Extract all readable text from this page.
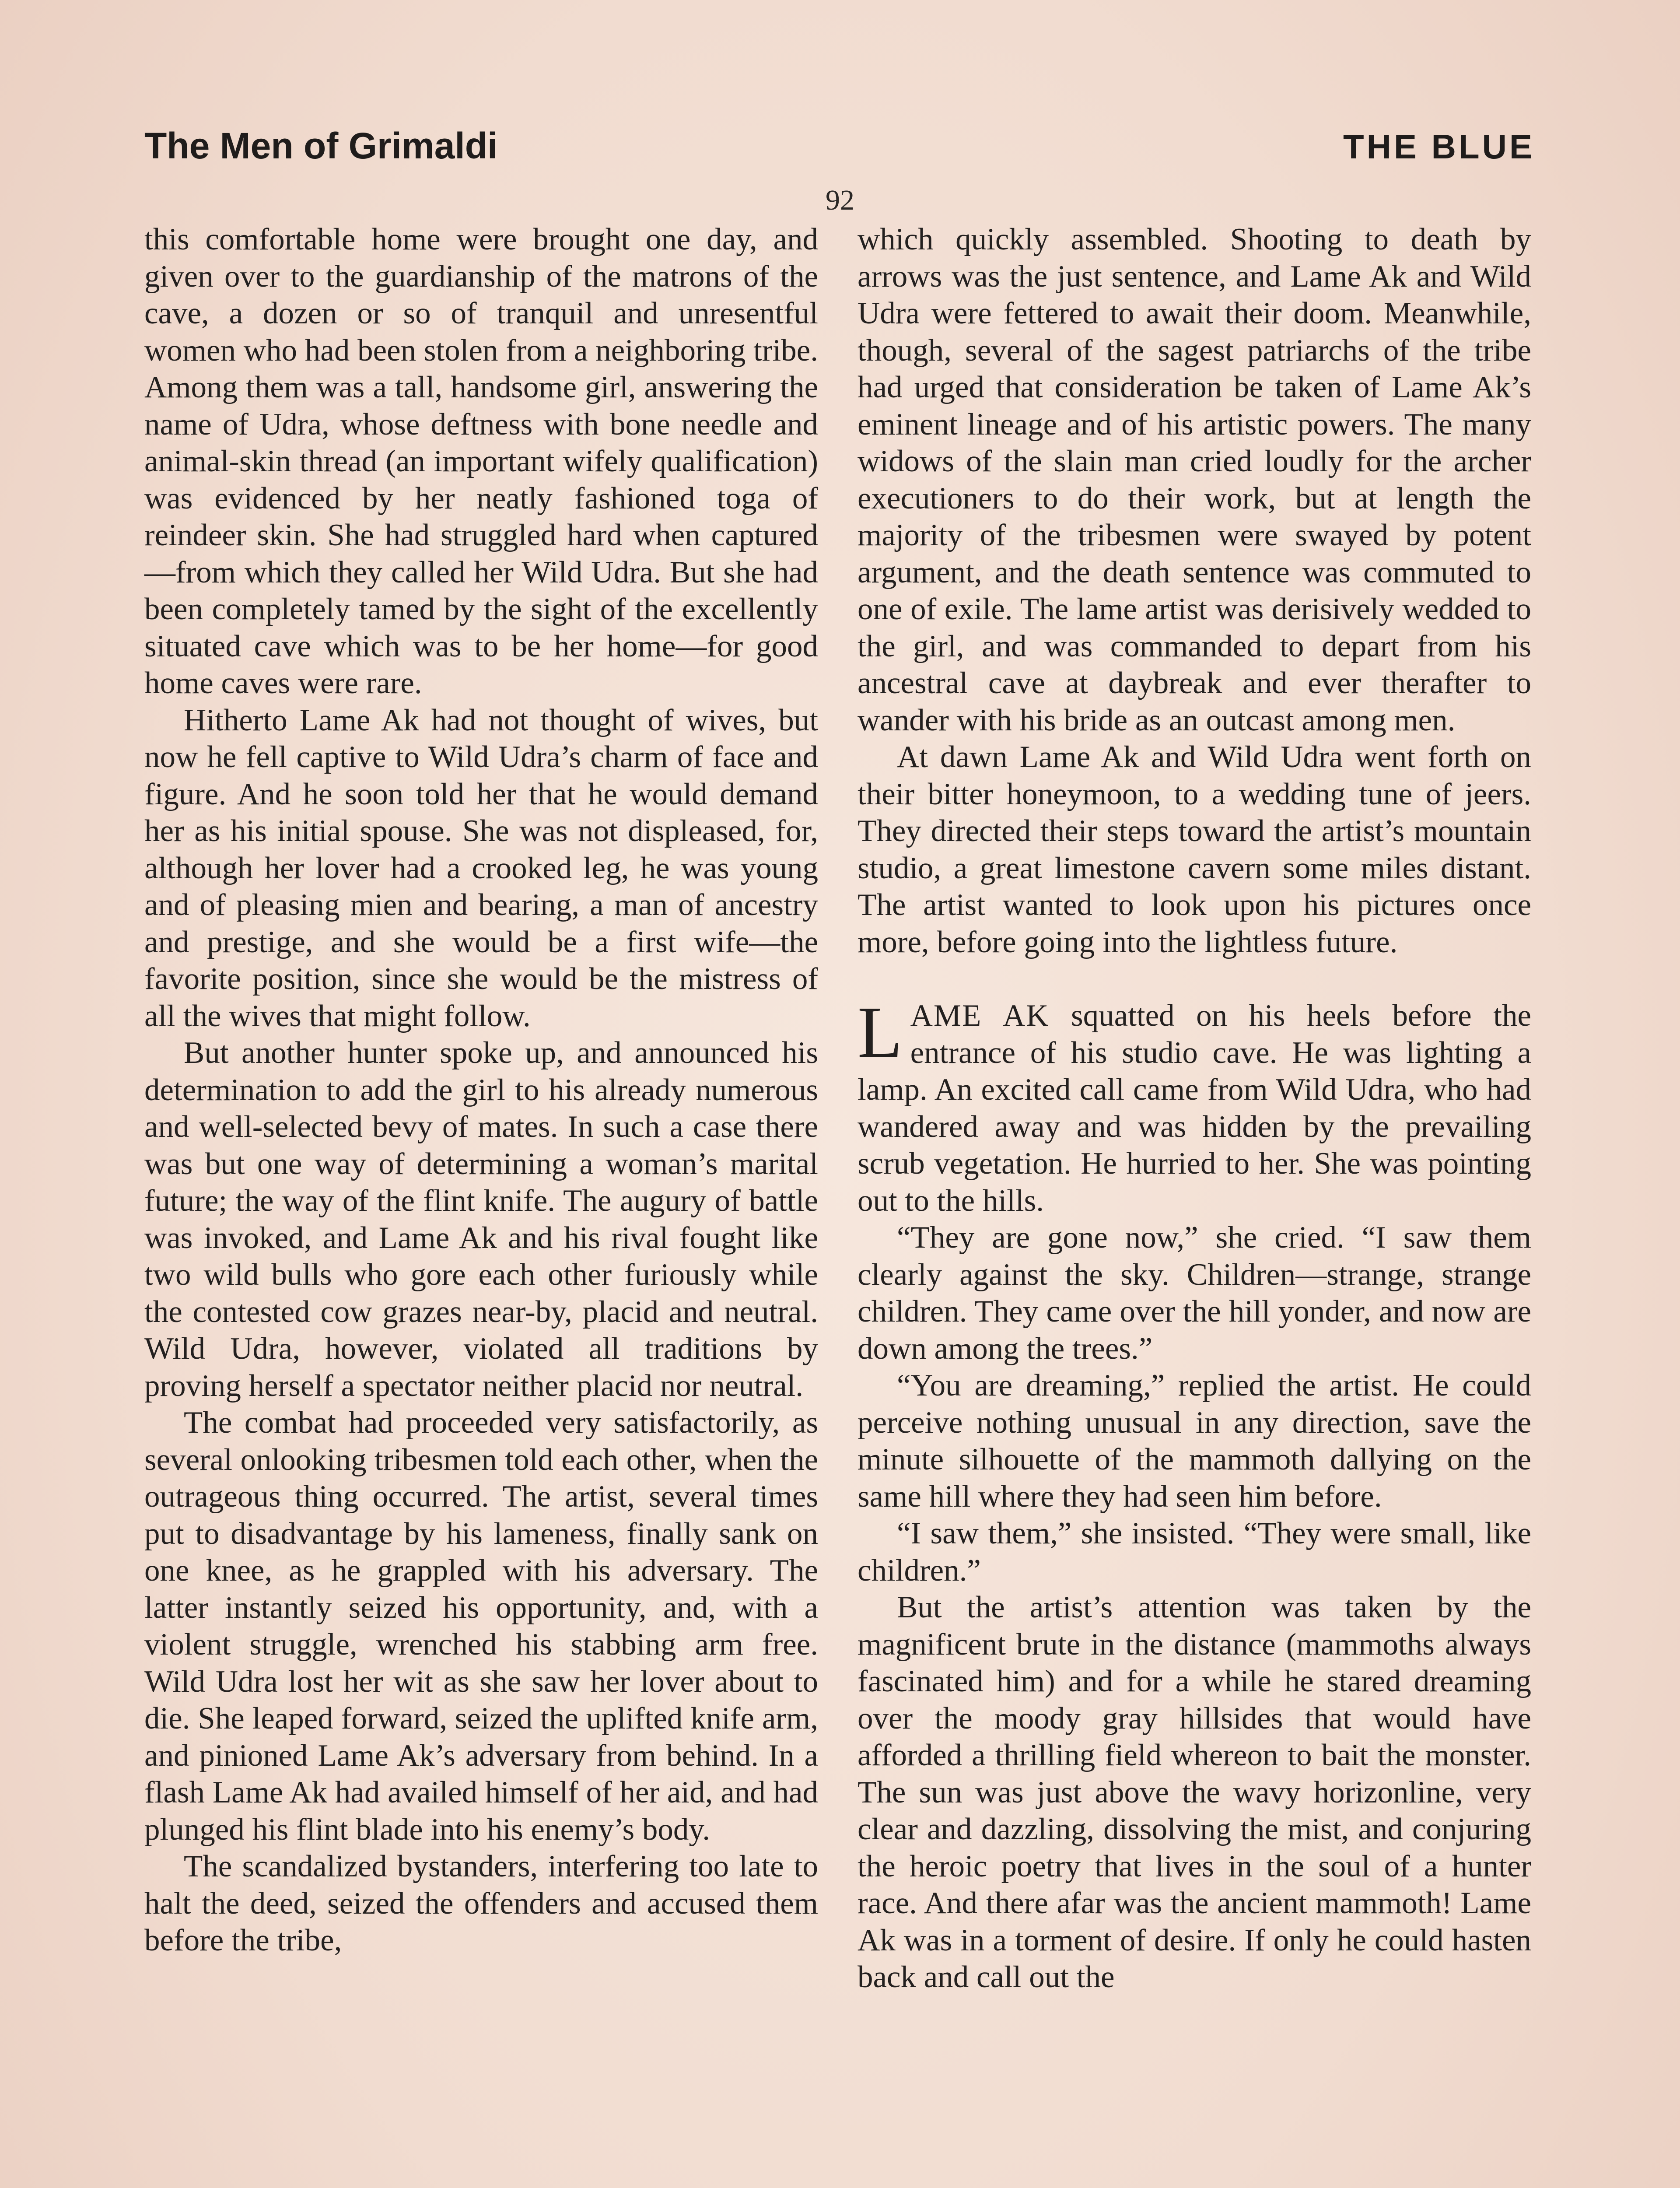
The Men of Grimaldi	THE BLUE
92

this comfortable home were brought one day, and given over to the guardianship of the matrons of the cave, a dozen or so of tranquil and unresentful women who had been stolen from a neighboring tribe. Among them was a tall, handsome girl, answering the name of Udra, whose deftness with bone needle and animal-skin thread (an important wifely qualification) was evidenced by her neatly fashioned toga of reindeer skin. She had struggled hard when captured—from which they called her Wild Udra. But she had been completely tamed by the sight of the excellently situated cave which was to be her home—for good home caves were rare.

Hitherto Lame Ak had not thought of wives, but now he fell captive to Wild Udra’s charm of face and figure. And he soon told her that he would demand her as his initial spouse. She was not displeased, for, although her lover had a crooked leg, he was young and of pleasing mien and bearing, a man of ancestry and prestige, and she would be a first wife—the favorite position, since she would be the mistress of all the wives that might follow.

But another hunter spoke up, and announced his determination to add the girl to his already numerous and well-selected bevy of mates. In such a case there was but one way of determining a woman’s marital future; the way of the flint knife. The augury of battle was invoked, and Lame Ak and his rival fought like two wild bulls who gore each other furiously while the contested cow grazes near-by, placid and neutral. Wild Udra, however, violated all traditions by proving herself a spectator neither placid nor neutral.

The combat had proceeded very satisfactorily, as several onlooking tribesmen told each other, when the outrageous thing occurred. The artist, several times put to disadvantage by his lameness, finally sank on one knee, as he grappled with his adversary. The latter instantly seized his opportunity, and, with a violent struggle, wrenched his stabbing arm free. Wild Udra lost her wit as she saw her lover about to die. She leaped forward, seized the uplifted knife arm, and pinioned Lame Ak’s adversary from behind. In a flash Lame Ak had availed himself of her aid, and had plunged his flint blade into his enemy’s body.

The scandalized bystanders, interfering too late to halt the deed, seized the offenders and accused them before the tribe,

which quickly assembled. Shooting to death by arrows was the just sentence, and Lame Ak and Wild Udra were fettered to await their doom. Meanwhile, though, several of the sagest patriarchs of the tribe had urged that consideration be taken of Lame Ak’s eminent lineage and of his artistic powers. The many widows of the slain man cried loudly for the archer executioners to do their work, but at length the majority of the tribesmen were swayed by potent argument, and the death sentence was commuted to one of exile. The lame artist was derisively wedded to the girl, and was commanded to depart from his ancestral cave at daybreak and ever therafter to wander with his bride as an outcast among men.

At dawn Lame Ak and Wild Udra went forth on their bitter honeymoon, to a wedding tune of jeers. They directed their steps toward the artist’s mountain studio, a great limestone cavern some miles distant. The artist wanted to look upon his pictures once more, before going into the lightless future.

LAME AK squatted on his heels before the entrance of his studio cave. He was lighting a lamp. An excited call came from Wild Udra, who had wandered away and was hidden by the prevailing scrub vegetation. He hurried to her. She was pointing out to the hills.

“They are gone now,” she cried. “I saw them clearly against the sky. Children—strange, strange children. They came over the hill yonder, and now are down among the trees.”

“You are dreaming,” replied the artist. He could perceive nothing unusual in any direction, save the minute silhouette of the mammoth dallying on the same hill where they had seen him before.

“I saw them,” she insisted. “They were small, like children.”

But the artist’s attention was taken by the magnificent brute in the distance (mammoths always fascinated him) and for a while he stared dreaming over the moody gray hillsides that would have afforded a thrilling field whereon to bait the monster. The sun was just above the wavy horizonline, very clear and dazzling, dissolving the mist, and conjuring the heroic poetry that lives in the soul of a hunter race. And there afar was the ancient mammoth! Lame Ak was in a torment of desire. If only he could hasten back and call out the
